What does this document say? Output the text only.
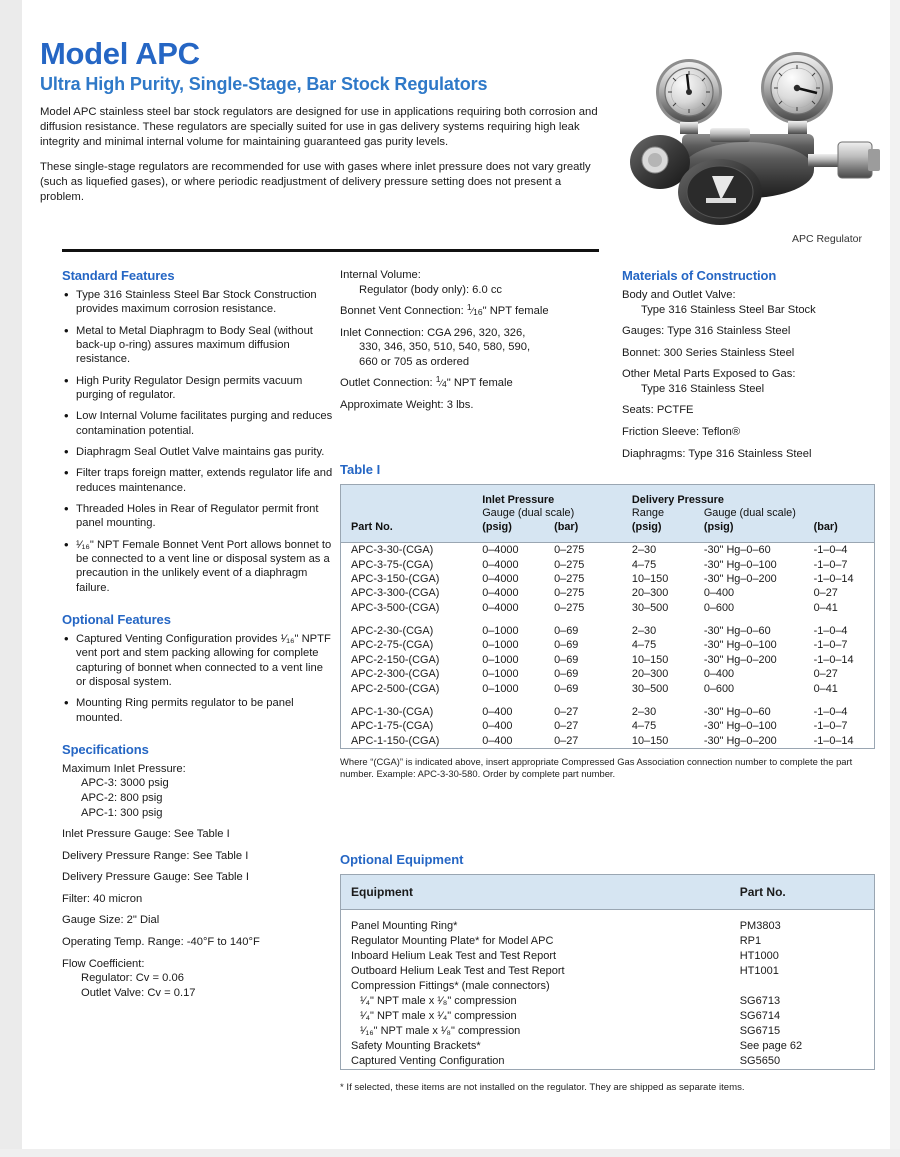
Model APC
Ultra High Purity, Single-Stage, Bar Stock Regulators

Model APC stainless steel bar stock regulators are designed for use in applications requiring both corrosion and diffusion resistance. These regulators are specially suited for use in gas delivery systems requiring high leak integrity and minimal internal volume for maintaining guaranteed gas purity levels.

These single-stage regulators are recommended for use with gases where inlet pressure does not vary greatly (such as liquefied gases), or where periodic readjustment of delivery pressure setting does not present a problem.

APC Regulator
Standard Features
• Type 316 Stainless Steel Bar Stock Construction provides maximum corrosion resistance.
• Metal to Metal Diaphragm to Body Seal (without back-up o-ring) assures maximum diffusion resistance.
• High Purity Regulator Design permits vacuum purging of regulator.
• Low Internal Volume facilitates purging and reduces contamination potential.
• Diaphragm Seal Outlet Valve maintains gas purity.
• Filter traps foreign matter, extends regulator life and reduces maintenance.
• Threaded Holes in Rear of Regulator permit front panel mounting.
• ¹⁄₁₆" NPT Female Bonnet Vent Port allows bonnet to be connected to a vent line or disposal system as a precaution in the unlikely event of a diaphragm failure.
Optional Features
• Captured Venting Configuration provides ¹⁄₁₆" NPTF vent port and stem packing allowing for complete capturing of bonnet when connected to a vent line or disposal system.
• Mounting Ring permits regulator to be panel mounted.
Specifications
Maximum Inlet Pressure:
APC-3: 3000 psig
APC-2: 800 psig
APC-1: 300 psig
Inlet Pressure Gauge: See Table I
Delivery Pressure Range: See Table I
Delivery Pressure Gauge: See Table I
Filter: 40 micron
Gauge Size: 2" Dial
Operating Temp. Range: -40°F to 140°F
Flow Coefficient:
Regulator: Cv = 0.06
Outlet Valve: Cv = 0.17
Internal Volume:
Regulator (body only): 6.0 cc
Bonnet Vent Connection: $^1⁄_{16}$" NPT female
Inlet Connection: CGA 296, 320, 326,
330, 346, 350, 510, 540, 580, 590,
660 or 705 as ordered
Outlet Connection: $^1⁄_4$" NPT female
Approximate Weight: 3 lbs.
Materials of Construction
Body and Outlet Valve:
Type 316 Stainless Steel Bar Stock
Gauges: Type 316 Stainless Steel
Bonnet: 300 Series Stainless Steel
Other Metal Parts Exposed to Gas:
Type 316 Stainless Steel
Seats: PCTFE
Friction Sleeve: Teflon®
Diaphragms: Type 316 Stainless Steel
Table I
	Inlet Pressure		Delivery Pressure		
	Gauge (dual scale)		Range	Gauge (dual scale)	
Part No.	(psig)	(bar)	(psig)	(psig)	(bar)
APC-3-30-(CGA)	0–4000	0–275	2–30	-30" Hg–0–60	-1–0–4
APC-3-75-(CGA)	0–4000	0–275	4–75	-30" Hg–0–100	-1–0–7
APC-3-150-(CGA)	0–4000	0–275	10–150	-30" Hg–0–200	-1–0–14
APC-3-300-(CGA)	0–4000	0–275	20–300	0–400	0–27
APC-3-500-(CGA)	0–4000	0–275	30–500	0–600	0–41

APC-2-30-(CGA)	0–1000	0–69	2–30	-30" Hg–0–60	-1–0–4
APC-2-75-(CGA)	0–1000	0–69	4–75	-30" Hg–0–100	-1–0–7
APC-2-150-(CGA)	0–1000	0–69	10–150	-30" Hg–0–200	-1–0–14
APC-2-300-(CGA)	0–1000	0–69	20–300	0–400	0–27
APC-2-500-(CGA)	0–1000	0–69	30–500	0–600	0–41

APC-1-30-(CGA)	0–400	0–27	2–30	-30" Hg–0–60	-1–0–4
APC-1-75-(CGA)	0–400	0–27	4–75	-30" Hg–0–100	-1–0–7
APC-1-150-(CGA)	0–400	0–27	10–150	-30" Hg–0–200	-1–0–14
Where “(CGA)” is indicated above, insert appropriate Compressed Gas Association connection number to complete the part number. Example: APC-3-30-580. Order by complete part number.
Optional Equipment
Equipment	Part No.
Panel Mounting Ring*	PM3803
Regulator Mounting Plate* for Model APC	RP1
Inboard Helium Leak Test and Test Report	HT1000
Outboard Helium Leak Test and Test Report	HT1001
Compression Fittings* (male connectors)	
¹⁄₄" NPT male x ¹⁄₈" compression	SG6713
¹⁄₄" NPT male x ¹⁄₄" compression	SG6714
¹⁄₁₆" NPT male x ¹⁄₈" compression	SG6715
Safety Mounting Brackets*	See page 62
Captured Venting Configuration	SG5650
* If selected, these items are not installed on the regulator. They are shipped as separate items.
